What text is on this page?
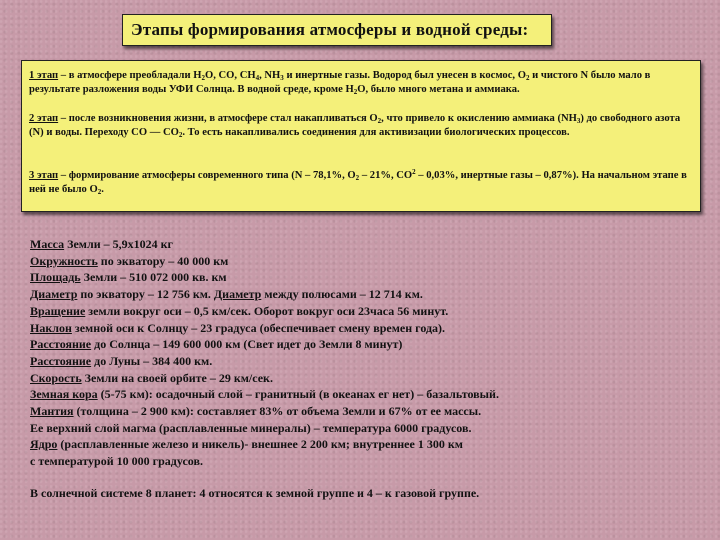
Этапы формирования атмосферы и водной среды:
1 этап – в атмосфере преобладали $Н_2О$, СО, $СН_4$, $NH_3$ и инертные газы. Водород был унесен в космос, $О_2$ и чистого N было мало в результате разложения воды УФИ Солнца. В водной среде, кроме $Н_2О$, было много метана и аммиака.
2 этап – после возникновения жизни, в атмосфере стал накапливаться $О_2$, что привело к окислению аммиака $(NH_3)$ до свободного азота (N) и воды. Переходу СО — $СО_2$. То есть накапливались соединения для активизации биологических процессов.
3 этап – формирование атмосферы современного типа (N – 78,1%, $О_2 - 21\%$, $СО^2 - 0,03\%$, инертные газы – 0,87%). На начальном этапе в ней не было $О_2$.
Масса Земли – 5,9х1024 кг
Окружность по экватору – 40 000 км
Площадь Земли – 510 072 000 кв. км
Диаметр по экватору – 12 756 км. Диаметр между полюсами – 12 714 км.
Вращение земли вокруг оси – 0,5 км/сек. Оборот вокруг оси 23часа 56 минут.
Наклон земной оси к Солнцу – 23 градуса (обеспечивает смену времен года).
Расстояние до Солнца – 149 600 000 км (Свет идет до Земли 8 минут)
Расстояние до Луны – 384 400 км.
Скорость Земли на своей орбите – 29 км/сек.
Земная кора (5-75 км): осадочный слой – гранитный (в океанах ег нет) – базальтовый.
Мантия (толщина – 2 900 км): составляет 83% от объема Земли и 67% от ее массы.
Ее верхний слой магма (расплавленные минералы) – температура 6000 градусов.
Ядро (расплавленные железо и никель)- внешнее 2 200 км; внутреннее 1 300 км
с температурой 10 000 градусов.
В солнечной системе 8 планет: 4 относятся к земной группе и 4 – к газовой группе.
